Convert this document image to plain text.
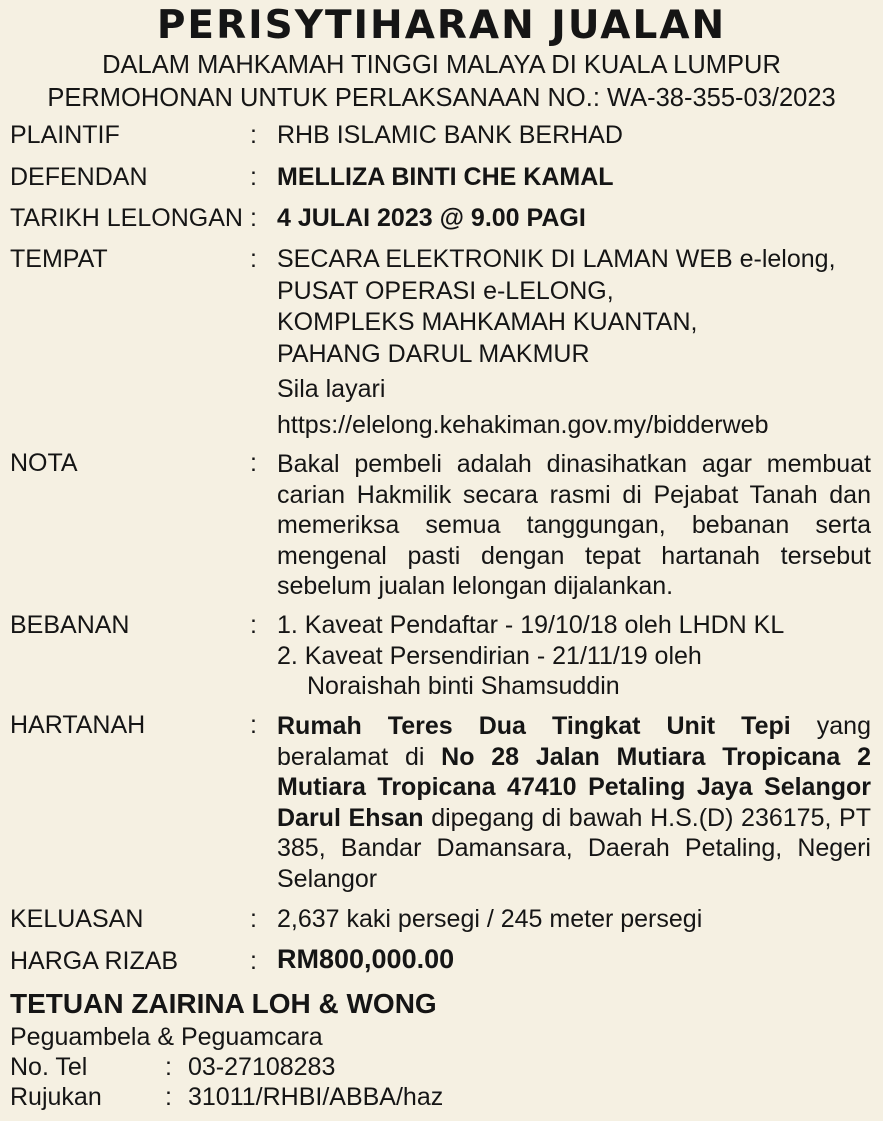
PERISYTIHARAN JUALAN
DALAM MAHKAMAH TINGGI MALAYA DI KUALA LUMPUR
PERMOHONAN UNTUK PERLAKSANAAN NO.: WA-38-355-03/2023
PLAINTIF	: RHB ISLAMIC BANK BERHAD
DEFENDAN	: MELLIZA BINTI CHE KAMAL
TARIKH LELONGAN : 4 JULAI 2023 @ 9.00 PAGI
TEMPAT	: SECARA ELEKTRONIK DI LAMAN WEB e-lelong,
PUSAT OPERASI e-LELONG,
KOMPLEKS MAHKAMAH KUANTAN,
PAHANG DARUL MAKMUR
Sila layari
https://elelong.kehakiman.gov.my/bidderweb
NOTA	: Bakal pembeli adalah dinasihatkan agar membuat carian Hakmilik secara rasmi di Pejabat Tanah dan memeriksa semua tanggungan, bebanan serta mengenal pasti dengan tepat hartanah tersebut sebelum jualan lelongan dijalankan.
BEBANAN	: 1. Kaveat Pendaftar - 19/10/18 oleh LHDN KL
2. Kaveat Persendirian - 21/11/19 oleh
Noraishah binti Shamsuddin
HARTANAH	: Rumah Teres Dua Tingkat Unit Tepi yang beralamat di No 28 Jalan Mutiara Tropicana 2 Mutiara Tropicana 47410 Petaling Jaya Selangor Darul Ehsan dipegang di bawah H.S.(D) 236175, PT 385, Bandar Damansara, Daerah Petaling, Negeri Selangor
KELUASAN	: 2,637 kaki persegi / 245 meter persegi
HARGA RIZAB	: RM800,000.00
TETUAN ZAIRINA LOH & WONG
Peguambela & Peguamcara
No. Tel	: 03-27108283
Rujukan	: 31011/RHBI/ABBA/haz
